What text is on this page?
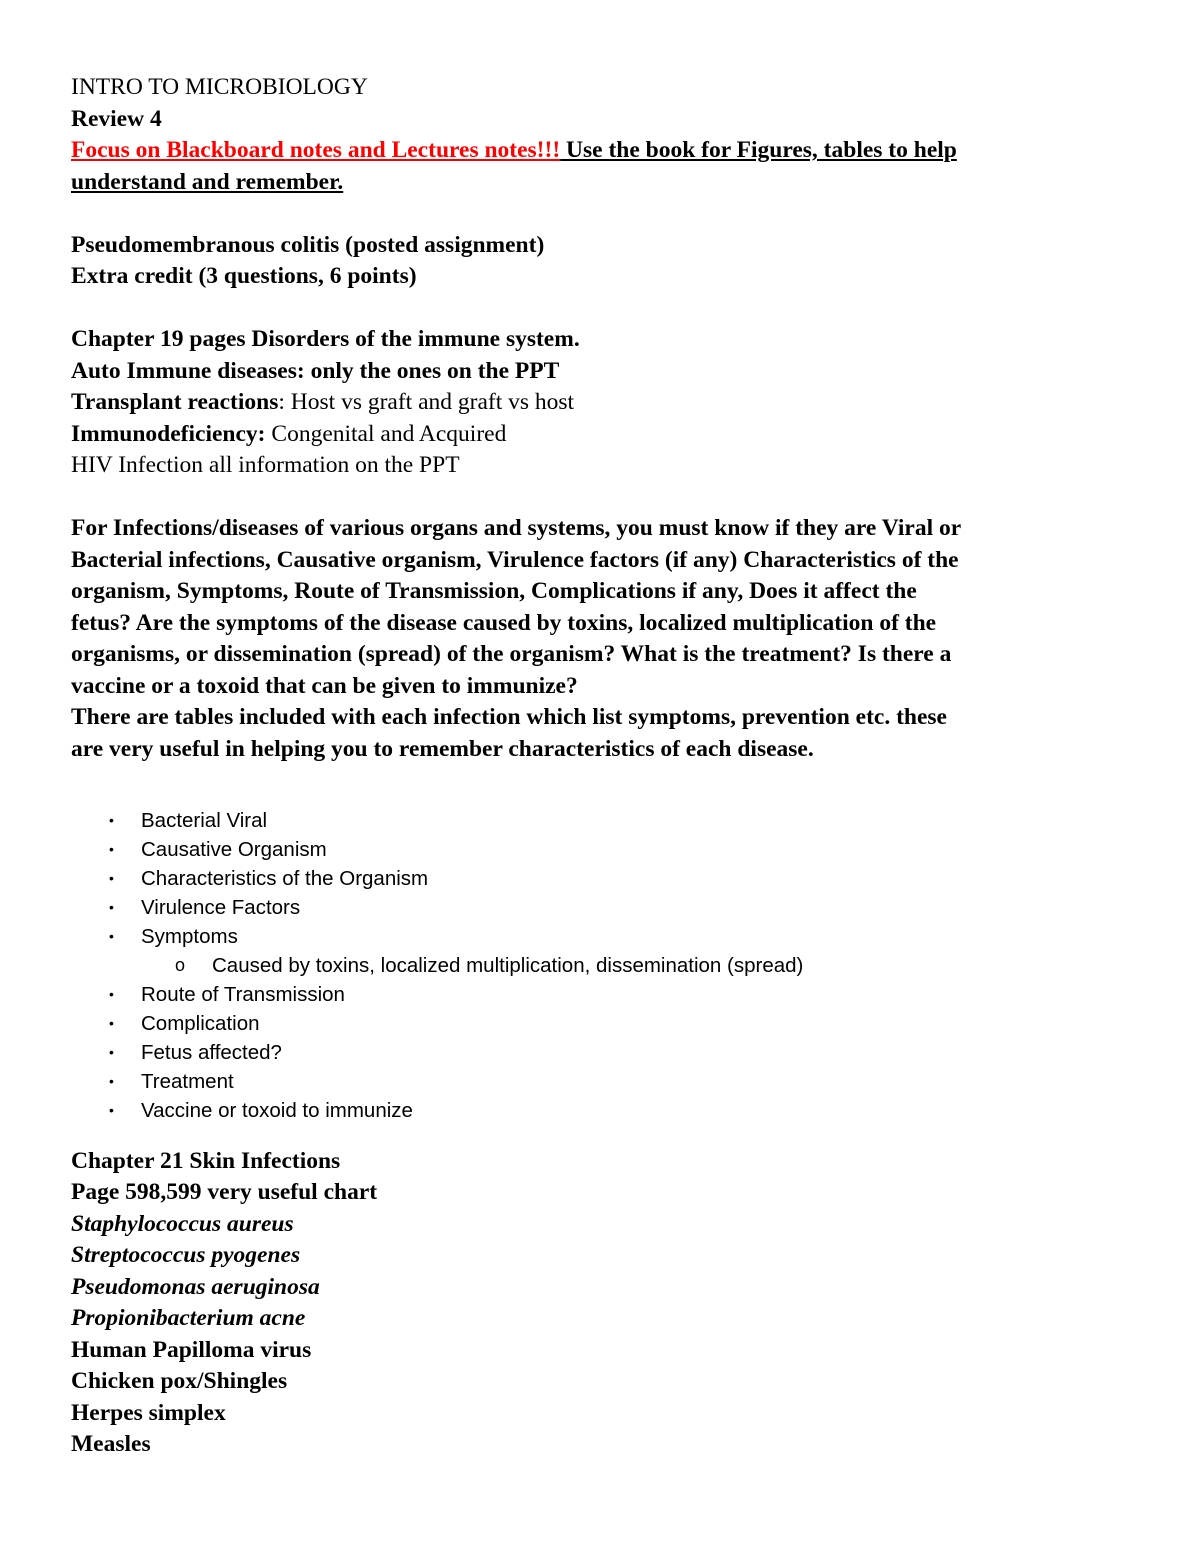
INTRO TO MICROBIOLOGY
Review 4
Focus on Blackboard notes and Lectures notes!!! Use the book for Figures, tables to help
understand and remember.
Pseudomembranous colitis (posted assignment)
Extra credit (3 questions, 6 points)
Chapter 19 pages Disorders of the immune system.
Auto Immune diseases: only the ones on the PPT
Transplant reactions: Host vs graft and graft vs host
Immunodeficiency: Congenital and Acquired
HIV Infection all information on the PPT
For Infections/diseases of various organs and systems, you must know if they are Viral or
Bacterial infections, Causative organism, Virulence factors (if any) Characteristics of the
organism, Symptoms, Route of Transmission, Complications if any, Does it affect the
fetus? Are the symptoms of the disease caused by toxins, localized multiplication of the
organisms, or dissemination (spread) of the organism? What is the treatment? Is there a
vaccine or a toxoid that can be given to immunize?
There are tables included with each infection which list symptoms, prevention etc. these
are very useful in helping you to remember characteristics of each disease.
• Bacterial Viral
• Causative Organism
• Characteristics of the Organism
• Virulence Factors
• Symptoms
o Caused by toxins, localized multiplication, dissemination (spread)
• Route of Transmission
• Complication
• Fetus affected?
• Treatment
• Vaccine or toxoid to immunize
Chapter 21 Skin Infections
Page 598,599 very useful chart
Staphylococcus aureus
Streptococcus pyogenes
Pseudomonas aeruginosa
Propionibacterium acne
Human Papilloma virus
Chicken pox/Shingles
Herpes simplex
Measles
